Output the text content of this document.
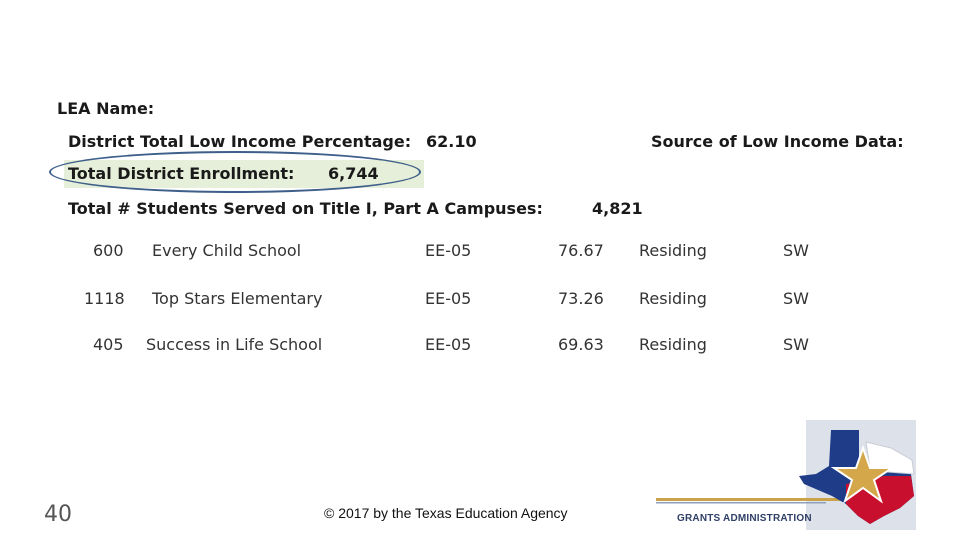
LEA Name:
District Total Low Income Percentage: 62.10	Source of Low Income Data:
Total District Enrollment: 6,744
Total # Students Served on Title I, Part A Campuses:	4,821
600 Every Child School	EE-05	76.67 Residing	SW
1118 Top Stars Elementary	EE-05	73.26 Residing	SW
405 Success in Life School	EE-05	69.63 Residing	SW
40	© 2017 by the Texas Education Agency	GRANTS ADMINISTRATION
